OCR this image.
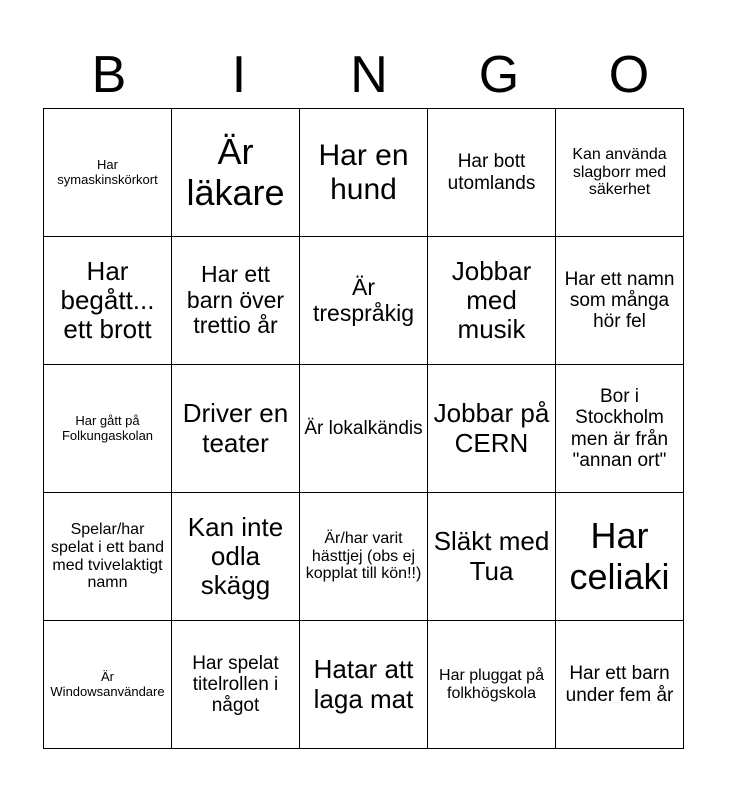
B	I	N	G	O
Har symaskinskörkort	Är läkare	Har en hund	Har bott utomlands	Kan använda slagborr med säkerhet
Har begått... ett brott	Har ett barn över trettio år	Är trespråkig	Jobbar med musik	Har ett namn som många hör fel
Har gått på Folkungaskolan	Driver en teater	Är lokalkändis	Jobbar på CERN	Bor i Stockholm men är från "annan ort"
Spelar/har spelat i ett band med tvivelaktigt namn	Kan inte odla skägg	Är/har varit hästtjej (obs ej kopplat till kön!!)	Släkt med Tua	Har celiaki
Är Windowsanvändare	Har spelat titelrollen i något	Hatar att laga mat	Har pluggat på folkhögskola	Har ett barn under fem år
